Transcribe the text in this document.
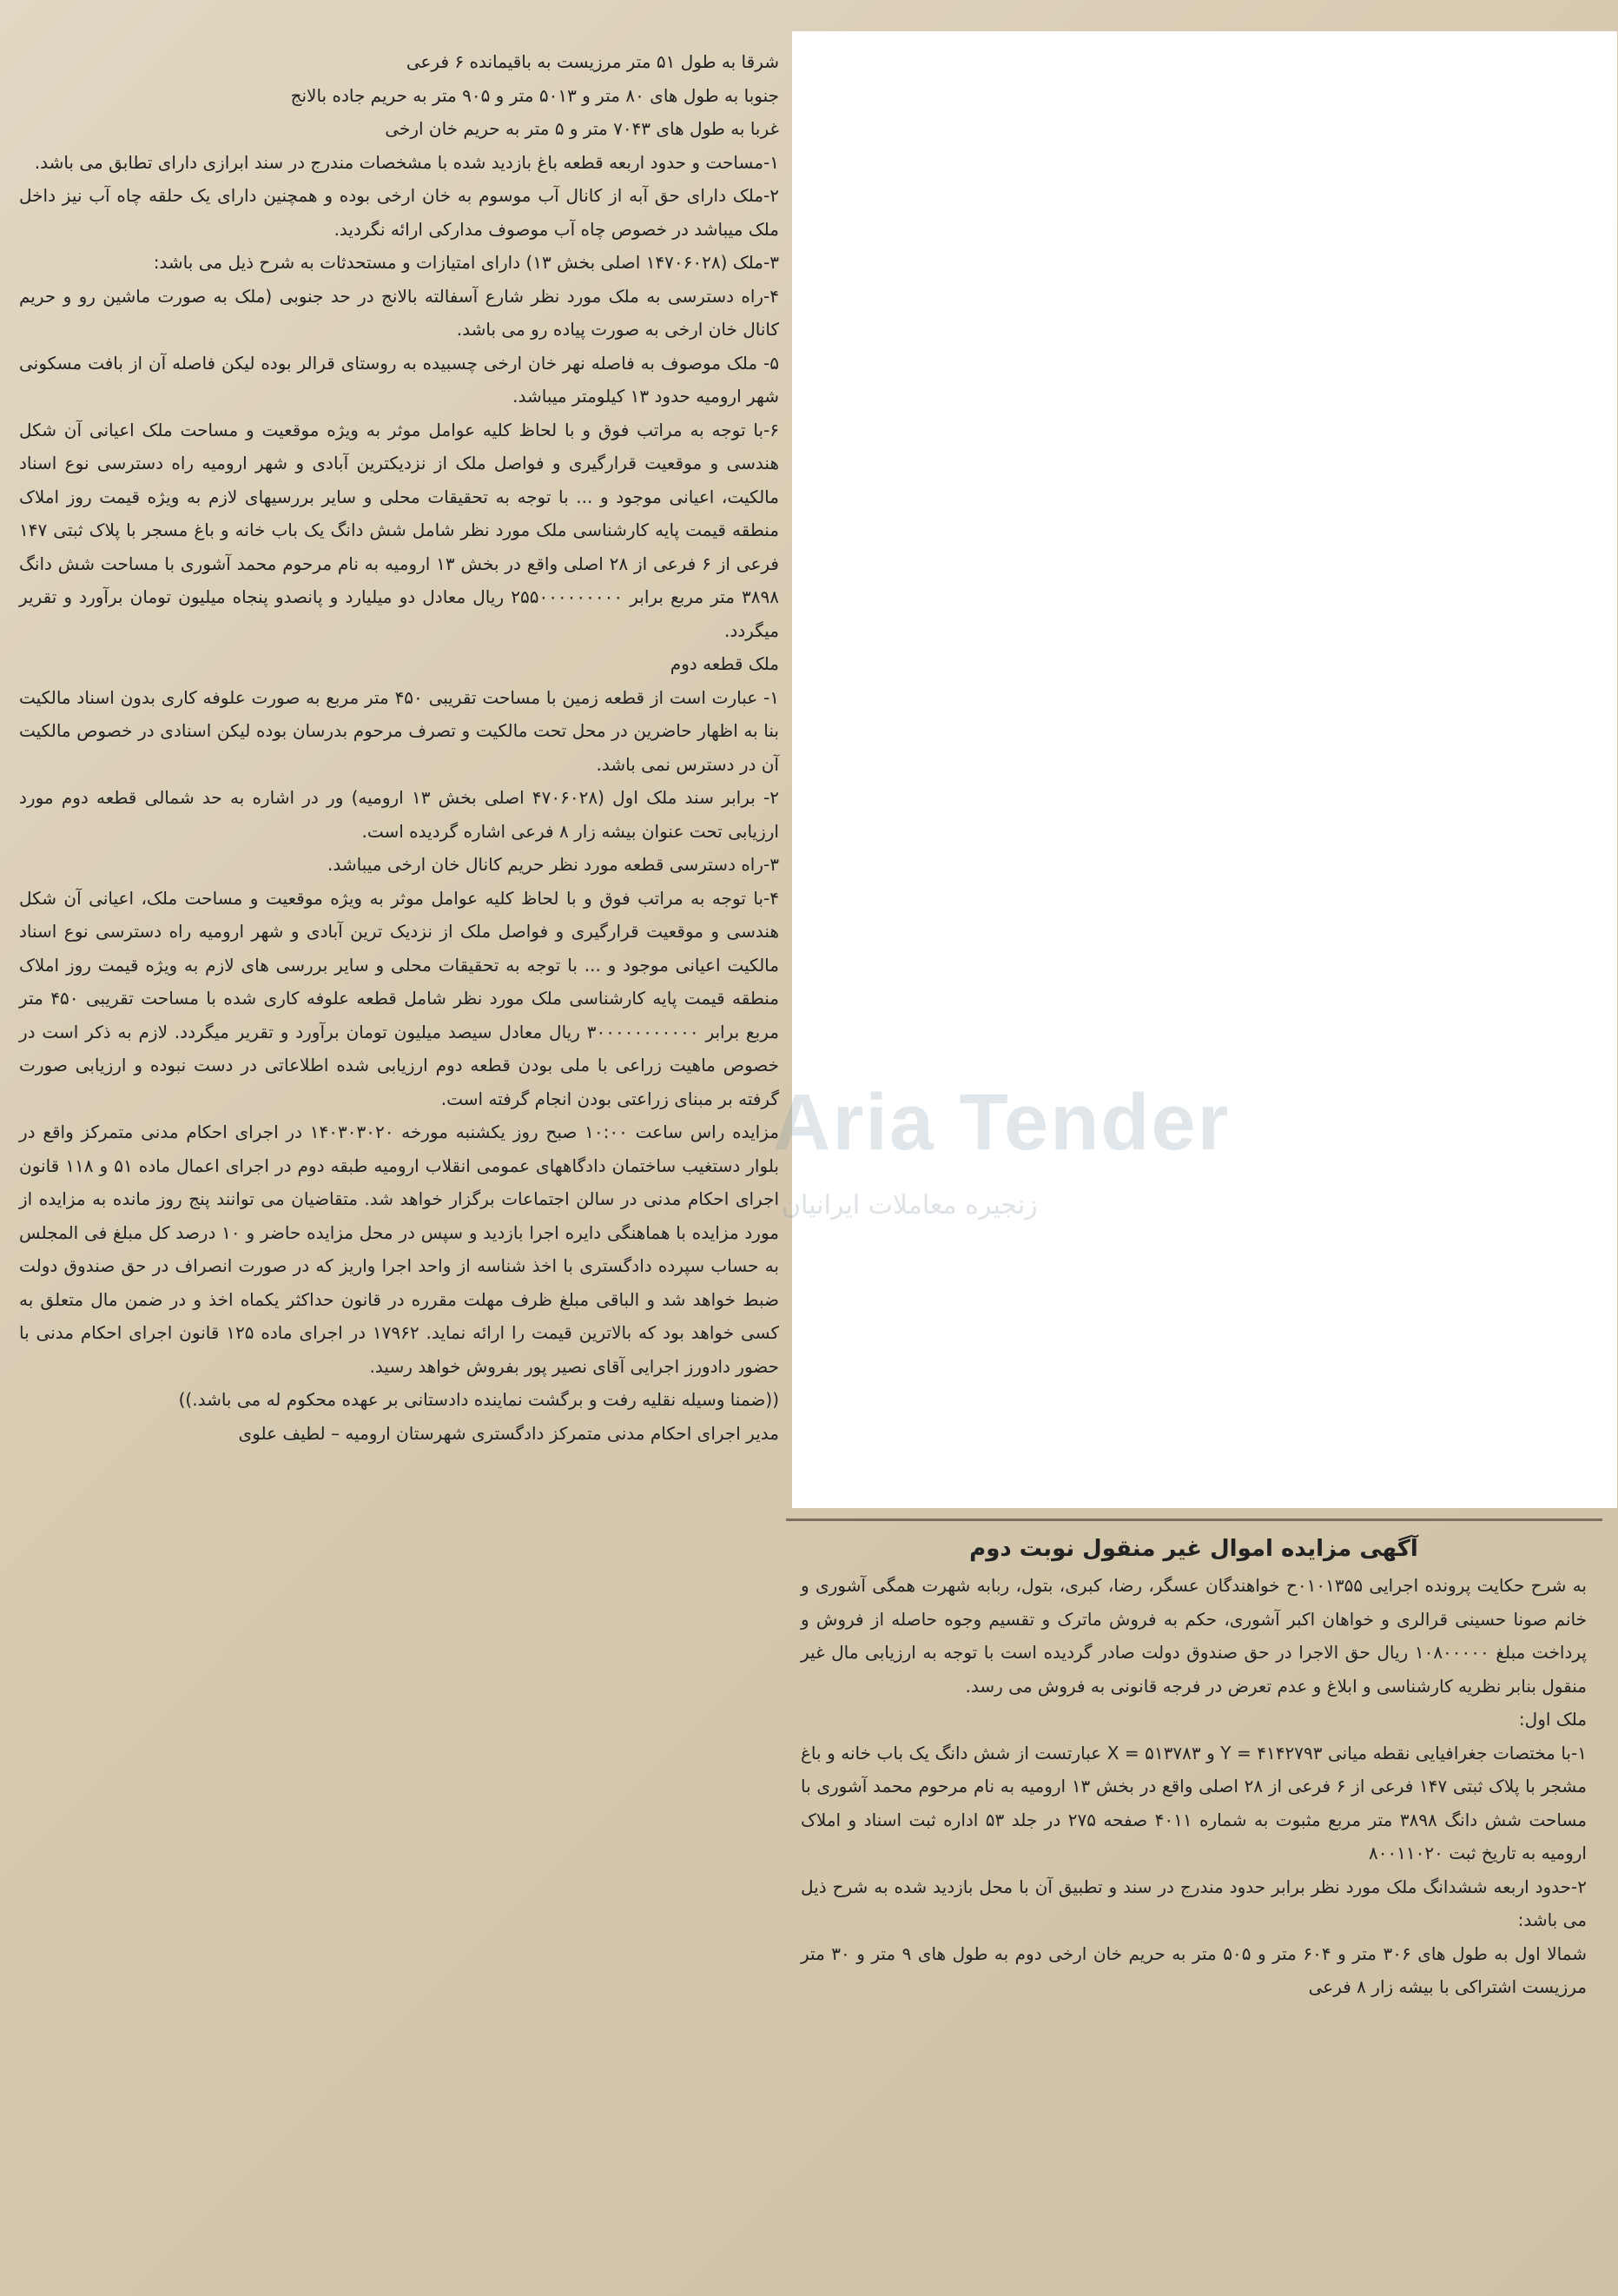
شرقا به طول ۵۱ متر مرزیست به باقیمانده ۶ فرعی

جنوبا به طول های ۸۰ متر و ۵۰۱۳ متر و ۹۰۵ متر به حریم جاده بالانج

غربا به طول های ۷۰۴۳ متر و ۵ متر به حریم خان ارخی

۱-مساحت و حدود اربعه قطعه باغ بازدید شده با مشخصات مندرج در سند ابرازی دارای تطابق می باشد.

۲-ملک دارای حق آبه از کانال آب موسوم به خان ارخی بوده و همچنین دارای یک حلقه چاه آب نیز داخل ملک میباشد در خصوص چاه آب موصوف مدارکی ارائه نگردید.

۳-ملک (۱۴۷۰۶۰۲۸ اصلی بخش ۱۳) دارای امتیازات و مستحدثات به شرح ذیل می باشد:

۴-راه دسترسی به ملک مورد نظر شارع آسفالته بالانج در حد جنوبی (ملک به صورت ماشین رو و حریم کانال خان ارخی به صورت پیاده رو می باشد.

۵- ملک موصوف به فاصله نهر خان ارخی چسبیده به روستای قرالر بوده لیکن فاصله آن از بافت مسکونی شهر ارومیه حدود ۱۳ کیلومتر میباشد.

۶-با توجه به مراتب فوق و با لحاظ کلیه عوامل موثر به ویژه موقعیت و مساحت ملک اعیانی آن شکل هندسی و موقعیت قرارگیری و فواصل ملک از نزدیکترین آبادی و شهر ارومیه راه دسترسی نوع اسناد مالکیت، اعیانی موجود و ... با توجه به تحقیقات محلی و سایر بررسیهای لازم به ویژه قیمت روز املاک منطقه قیمت پایه کارشناسی ملک مورد نظر شامل شش دانگ یک باب خانه و باغ مسجر با پلاک ثبتی ۱۴۷ فرعی از ۶ فرعی از ۲۸ اصلی واقع در بخش ۱۳ ارومیه به نام مرحوم محمد آشوری با مساحت شش دانگ ۳۸۹۸ متر مربع برابر ۲۵۵۰۰۰۰۰۰۰۰۰ ریال معادل دو میلیارد و پانصدو پنجاه میلیون تومان برآورد و تقریر میگردد.

ملک قطعه دوم

۱- عبارت است از قطعه زمین با مساحت تقریبی ۴۵۰ متر مربع به صورت علوفه کاری بدون اسناد مالکیت بنا به اظهار حاضرین در محل تحت مالکیت و تصرف مرحوم بدرسان بوده لیکن اسنادی در خصوص مالکیت آن در دسترس نمی باشد.

۲- برابر سند ملک اول (۴۷۰۶۰۲۸ اصلی بخش ۱۳ ارومیه) ور در اشاره به حد شمالی قطعه دوم مورد ارزیابی تحت عنوان بیشه زار ۸ فرعی اشاره گردیده است.

۳-راه دسترسی قطعه مورد نظر حریم کانال خان ارخی میباشد.

۴-با توجه به مراتب فوق و با لحاظ کلیه عوامل موثر به ویژه موقعیت و مساحت ملک، اعیانی آن شکل هندسی و موقعیت قرارگیری و فواصل ملک از نزدیک ترین آبادی و شهر ارومیه راه دسترسی نوع اسناد مالکیت اعیانی موجود و ... با توجه به تحقیقات محلی و سایر بررسی های لازم به ویژه قیمت روز املاک منطقه قیمت پایه کارشناسی ملک مورد نظر شامل قطعه علوفه کاری شده با مساحت تقریبی ۴۵۰ متر مربع برابر ۳۰۰۰۰۰۰۰۰۰۰۰ ریال معادل سیصد میلیون تومان برآورد و تقریر میگردد. لازم به ذکر است در خصوص ماهیت زراعی با ملی بودن قطعه دوم ارزیابی شده اطلاعاتی در دست نبوده و ارزیابی صورت گرفته بر مبنای زراعتی بودن انجام گرفته است.

مزایده راس ساعت ۱۰:۰۰ صبح روز یکشنبه مورخه ۱۴۰۳۰۳۰۲۰ در اجرای احکام مدنی متمرکز واقع در بلوار دستغیب ساختمان دادگاههای عمومی انقلاب ارومیه طبقه دوم در اجرای اعمال ماده ۵۱ و ۱۱۸ قانون اجرای احکام مدنی در سالن اجتماعات برگزار خواهد شد. متقاضیان می توانند پنج روز مانده به مزایده از مورد مزایده با هماهنگی دایره اجرا بازدید و سپس در محل مزایده حاضر و ۱۰ درصد کل مبلغ فی المجلس به حساب سپرده دادگستری با اخذ شناسه از واحد اجرا واریز که در صورت انصراف در حق صندوق دولت ضبط خواهد شد و الباقی مبلغ ظرف مهلت مقرره در قانون حداکثر یکماه اخذ و در ضمن مال متعلق به کسی خواهد بود که بالاترین قیمت را ارائه نماید. ۱۷۹۶۲ در اجرای ماده ۱۲۵ قانون اجرای احکام مدنی با حضور دادورز اجرایی آقای نصیر پور بفروش خواهد رسید.

((ضمنا وسیله نقلیه رفت و برگشت نماینده دادستانی بر عهده محکوم له می باشد.))

مدیر اجرای احکام مدنی متمرکز دادگستری شهرستان ارومیه – لطیف علوی

آگهی مزایده اموال غیر منقول نوبت دوم

به شرح حکایت پرونده اجرایی ۰۱۰۱۳۵۵ح خواهندگان عسگر، رضا، کبری، بتول، ربابه شهرت همگی آشوری و خانم صونا حسینی قرالری و خواهان اکبر آشوری، حکم به فروش ماترک و تقسیم وجوه حاصله از فروش و پرداخت مبلغ ۱۰۸۰۰۰۰۰ ریال حق الاجرا در حق صندوق دولت صادر گردیده است با توجه به ارزیابی مال غیر منقول بنابر نظریه کارشناسی و ابلاغ و عدم تعرض در فرجه قانونی به فروش می رسد.

ملک اول:

۱-با مختصات جغرافیایی نقطه میانی ۴۱۴۲۷۹۳ = Y و ۵۱۳۷۸۳ = X عبارتست از شش دانگ یک باب خانه و باغ مشجر با پلاک ثبتی ۱۴۷ فرعی از ۶ فرعی از ۲۸ اصلی واقع در بخش ۱۳ ارومیه به نام مرحوم محمد آشوری با مساحت شش دانگ ۳۸۹۸ متر مربع مثبوت به شماره ۴۰۱۱ صفحه ۲۷۵ در جلد ۵۳ اداره ثبت اسناد و املاک ارومیه به تاریخ ثبت ۸۰۰۱۱۰۲۰

۲-حدود اربعه ششدانگ ملک مورد نظر برابر حدود مندرج در سند و تطبیق آن با محل بازدید شده به شرح ذیل می باشد:

شمالا اول به طول های ۳۰۶ متر و ۶۰۴ متر و ۵۰۵ متر به حریم خان ارخی دوم به طول های ۹ متر و ۳۰ متر مرزیست اشتراکی با بیشه زار ۸ فرعی

Aria Tender
زنجیره معاملات ایرانیان
